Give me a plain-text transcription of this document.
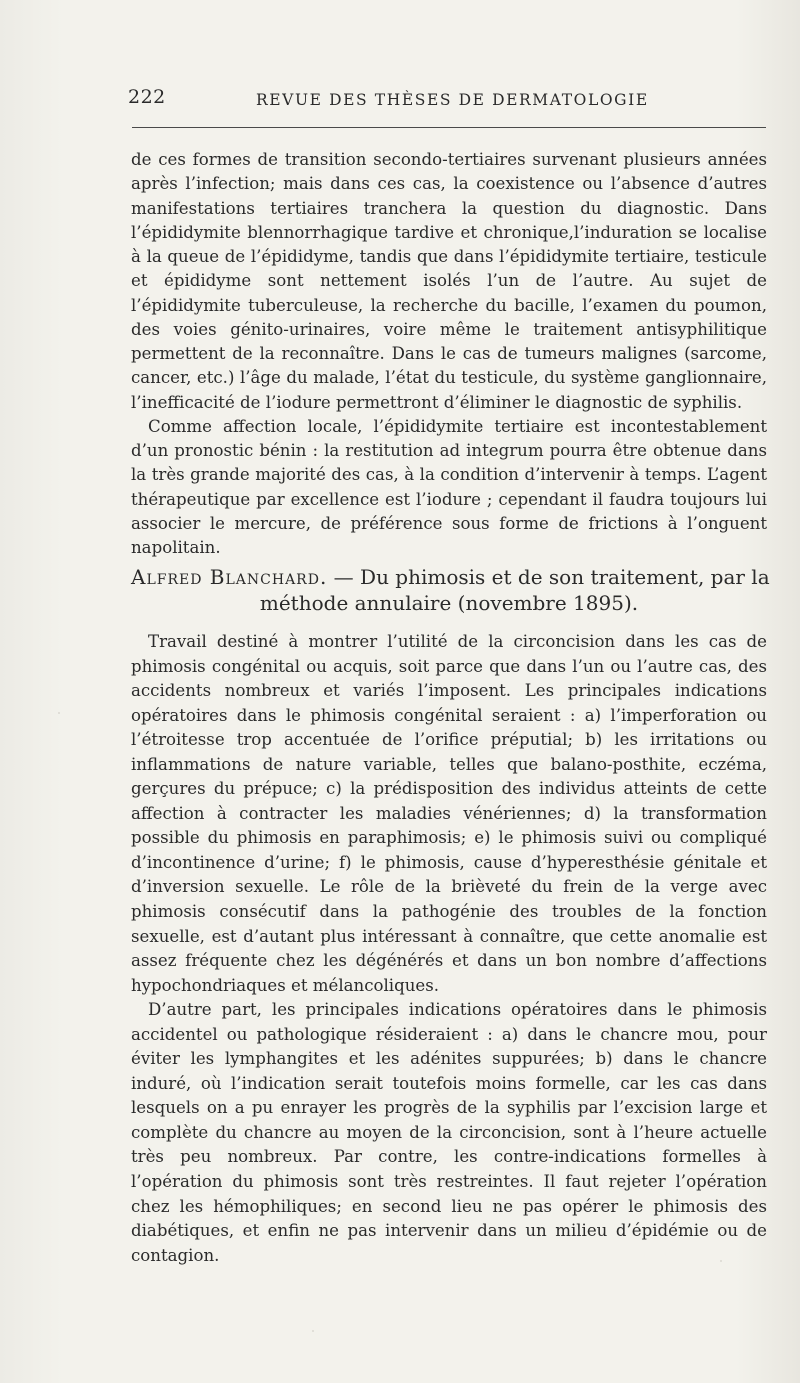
222	REVUE DES THÈSES DE DERMATOLOGIE

de ces formes de transition secondo-tertiaires survenant plusieurs années après l’infection; mais dans ces cas, la coexistence ou l’absence d’autres manifestations tertiaires tranchera la question du diagnostic. Dans l’épididymite blennorrhagique tardive et chronique,l’induration se localise à la queue de l’épididyme, tandis que dans l’épididymite tertiaire, testicule et épididyme sont nettement isolés l’un de l’autre. Au sujet de l’épididymite tuberculeuse, la recherche du bacille, l’examen du poumon, des voies génito-urinaires, voire même le traitement antisyphilitique permettent de la reconnaître. Dans le cas de tumeurs malignes (sarcome, cancer, etc.) l’âge du malade, l’état du testicule, du système ganglionnaire, l’inefficacité de l’iodure permettront d’éliminer le diagnostic de syphilis.

Comme affection locale, l’épididymite tertiaire est incontestablement d’un pronostic bénin : la restitution ad integrum pourra être obtenue dans la très grande majorité des cas, à la condition d’intervenir à temps. L’agent thérapeutique par excellence est l’iodure ; cependant il faudra toujours lui associer le mercure, de préférence sous forme de frictions à l’onguent napolitain.

Alfred Blanchard. — Du phimosis et de son traitement, par la
méthode annulaire (novembre 1895).

Travail destiné à montrer l’utilité de la circoncision dans les cas de phimosis congénital ou acquis, soit parce que dans l’un ou l’autre cas, des accidents nombreux et variés l’imposent. Les principales indications opératoires dans le phimosis congénital seraient : a) l’imperforation ou l’étroitesse trop accentuée de l’orifice préputial; b) les irritations ou inflammations de nature variable, telles que balano-posthite, eczéma, gerçures du prépuce; c) la prédisposition des individus atteints de cette affection à contracter les maladies vénériennes; d) la transformation possible du phimosis en paraphimosis; e) le phimosis suivi ou compliqué d’incontinence d’urine; f) le phimosis, cause d’hyperesthésie génitale et d’inversion sexuelle. Le rôle de la brièveté du frein de la verge avec phimosis consécutif dans la pathogénie des troubles de la fonction sexuelle, est d’autant plus intéressant à connaître, que cette anomalie est assez fréquente chez les dégénérés et dans un bon nombre d’affections hypochondriaques et mélancoliques.

D’autre part, les principales indications opératoires dans le phimosis accidentel ou pathologique résideraient : a) dans le chancre mou, pour éviter les lymphangites et les adénites suppurées; b) dans le chancre induré, où l’indication serait toutefois moins formelle, car les cas dans lesquels on a pu enrayer les progrès de la syphilis par l’excision large et complète du chancre au moyen de la circoncision, sont à l’heure actuelle très peu nombreux. Par contre, les contre-indications formelles à l’opération du phimosis sont très restreintes. Il faut rejeter l’opération chez les hémophiliques; en second lieu ne pas opérer le phimosis des diabétiques, et enfin ne pas intervenir dans un milieu d’épidémie ou de contagion.
